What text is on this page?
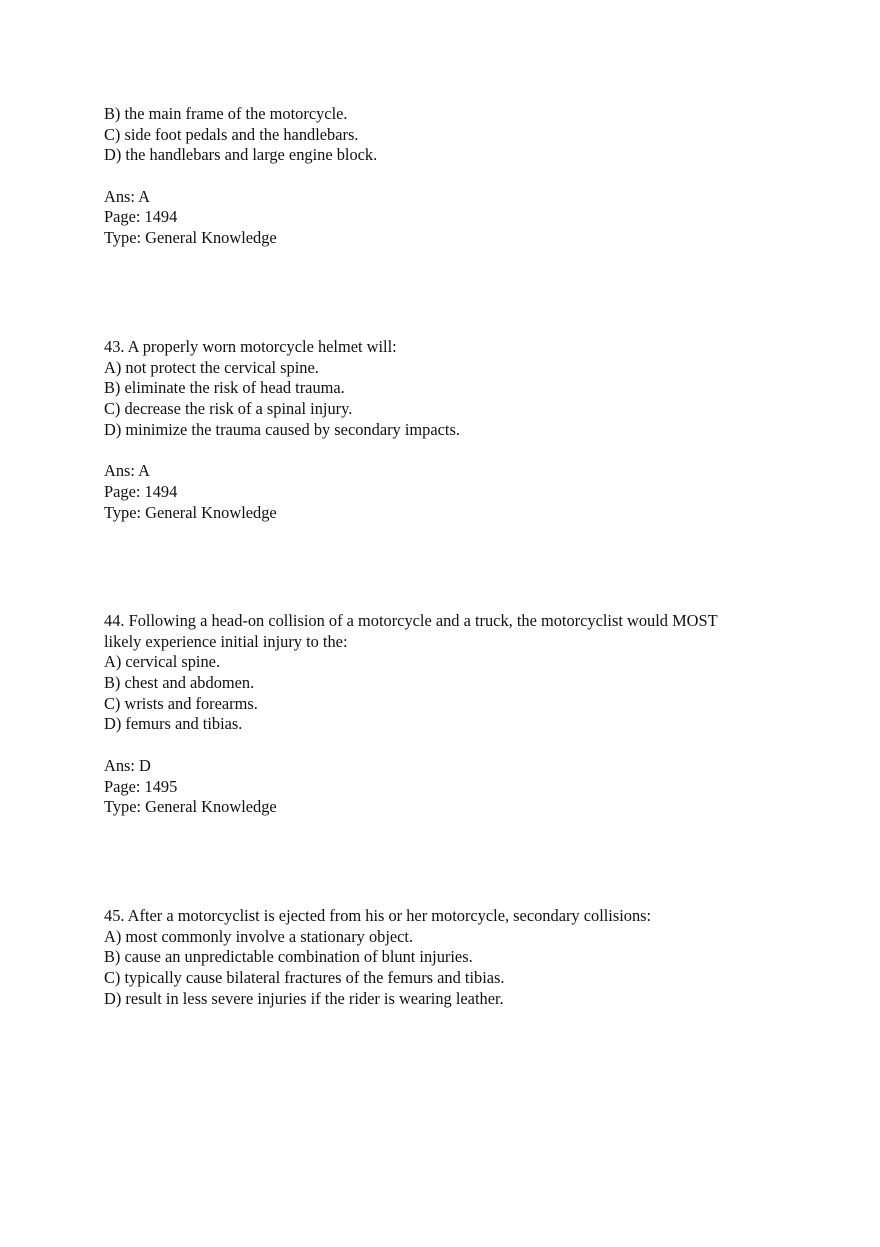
B) the main frame of the motorcycle.
C) side foot pedals and the handlebars.
D) the handlebars and large engine block.
Ans: A
Page: 1494
Type: General Knowledge
43. A properly worn motorcycle helmet will:
A) not protect the cervical spine.
B) eliminate the risk of head trauma.
C) decrease the risk of a spinal injury.
D) minimize the trauma caused by secondary impacts.
Ans: A
Page: 1494
Type: General Knowledge
44. Following a head-on collision of a motorcycle and a truck, the motorcyclist would MOST
likely experience initial injury to the:
A) cervical spine.
B) chest and abdomen.
C) wrists and forearms.
D) femurs and tibias.
Ans: D
Page: 1495
Type: General Knowledge
45. After a motorcyclist is ejected from his or her motorcycle, secondary collisions:
A) most commonly involve a stationary object.
B) cause an unpredictable combination of blunt injuries.
C) typically cause bilateral fractures of the femurs and tibias.
D) result in less severe injuries if the rider is wearing leather.
